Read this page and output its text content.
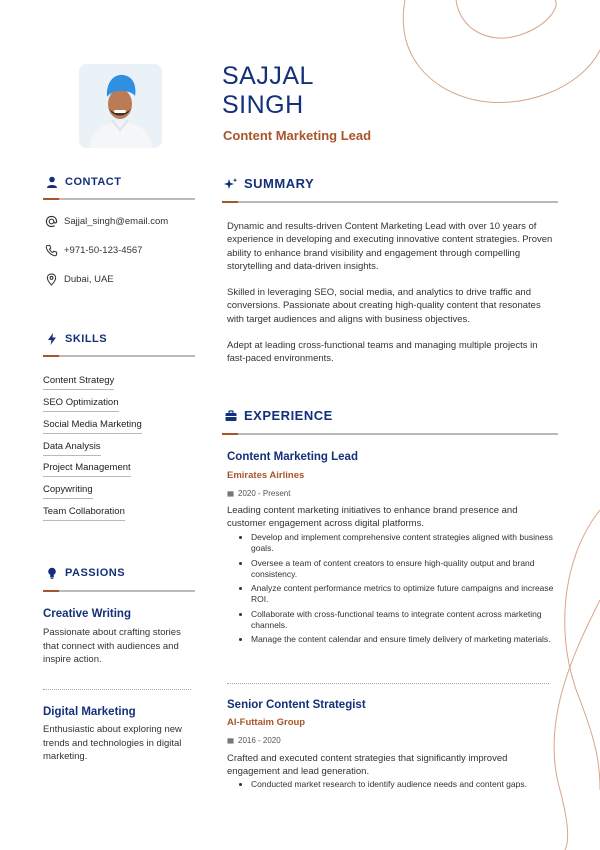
SAJJAL
SINGH
Content Marketing Lead
CONTACT
Sajjal_singh@email.com
+971-50-123-4567
Dubai, UAE
SKILLS
Content Strategy
SEO Optimization
Social Media Marketing
Data Analysis
Project Management
Copywriting
Team Collaboration
PASSIONS
Creative Writing
Passionate about crafting stories that connect with audiences and inspire action.
Digital Marketing
Enthusiastic about exploring new trends and technologies in digital marketing.
SUMMARY
Dynamic and results-driven Content Marketing Lead with over 10 years of experience in developing and executing innovative content strategies. Proven ability to enhance brand visibility and engagement through compelling storytelling and data-driven insights.
Skilled in leveraging SEO, social media, and analytics to drive traffic and conversions. Passionate about creating high-quality content that resonates with target audiences and aligns with business objectives.
Adept at leading cross-functional teams and managing multiple projects in fast-paced environments.
EXPERIENCE
Content Marketing Lead
Emirates Airlines
2020 - Present
Leading content marketing initiatives to enhance brand presence and customer engagement across digital platforms.
Develop and implement comprehensive content strategies aligned with business goals.
Oversee a team of content creators to ensure high-quality output and brand consistency.
Analyze content performance metrics to optimize future campaigns and increase ROI.
Collaborate with cross-functional teams to integrate content across marketing channels.
Manage the content calendar and ensure timely delivery of marketing materials.
Senior Content Strategist
Al-Futtaim Group
2016 - 2020
Crafted and executed content strategies that significantly improved engagement and lead generation.
Conducted market research to identify audience needs and content gaps.
